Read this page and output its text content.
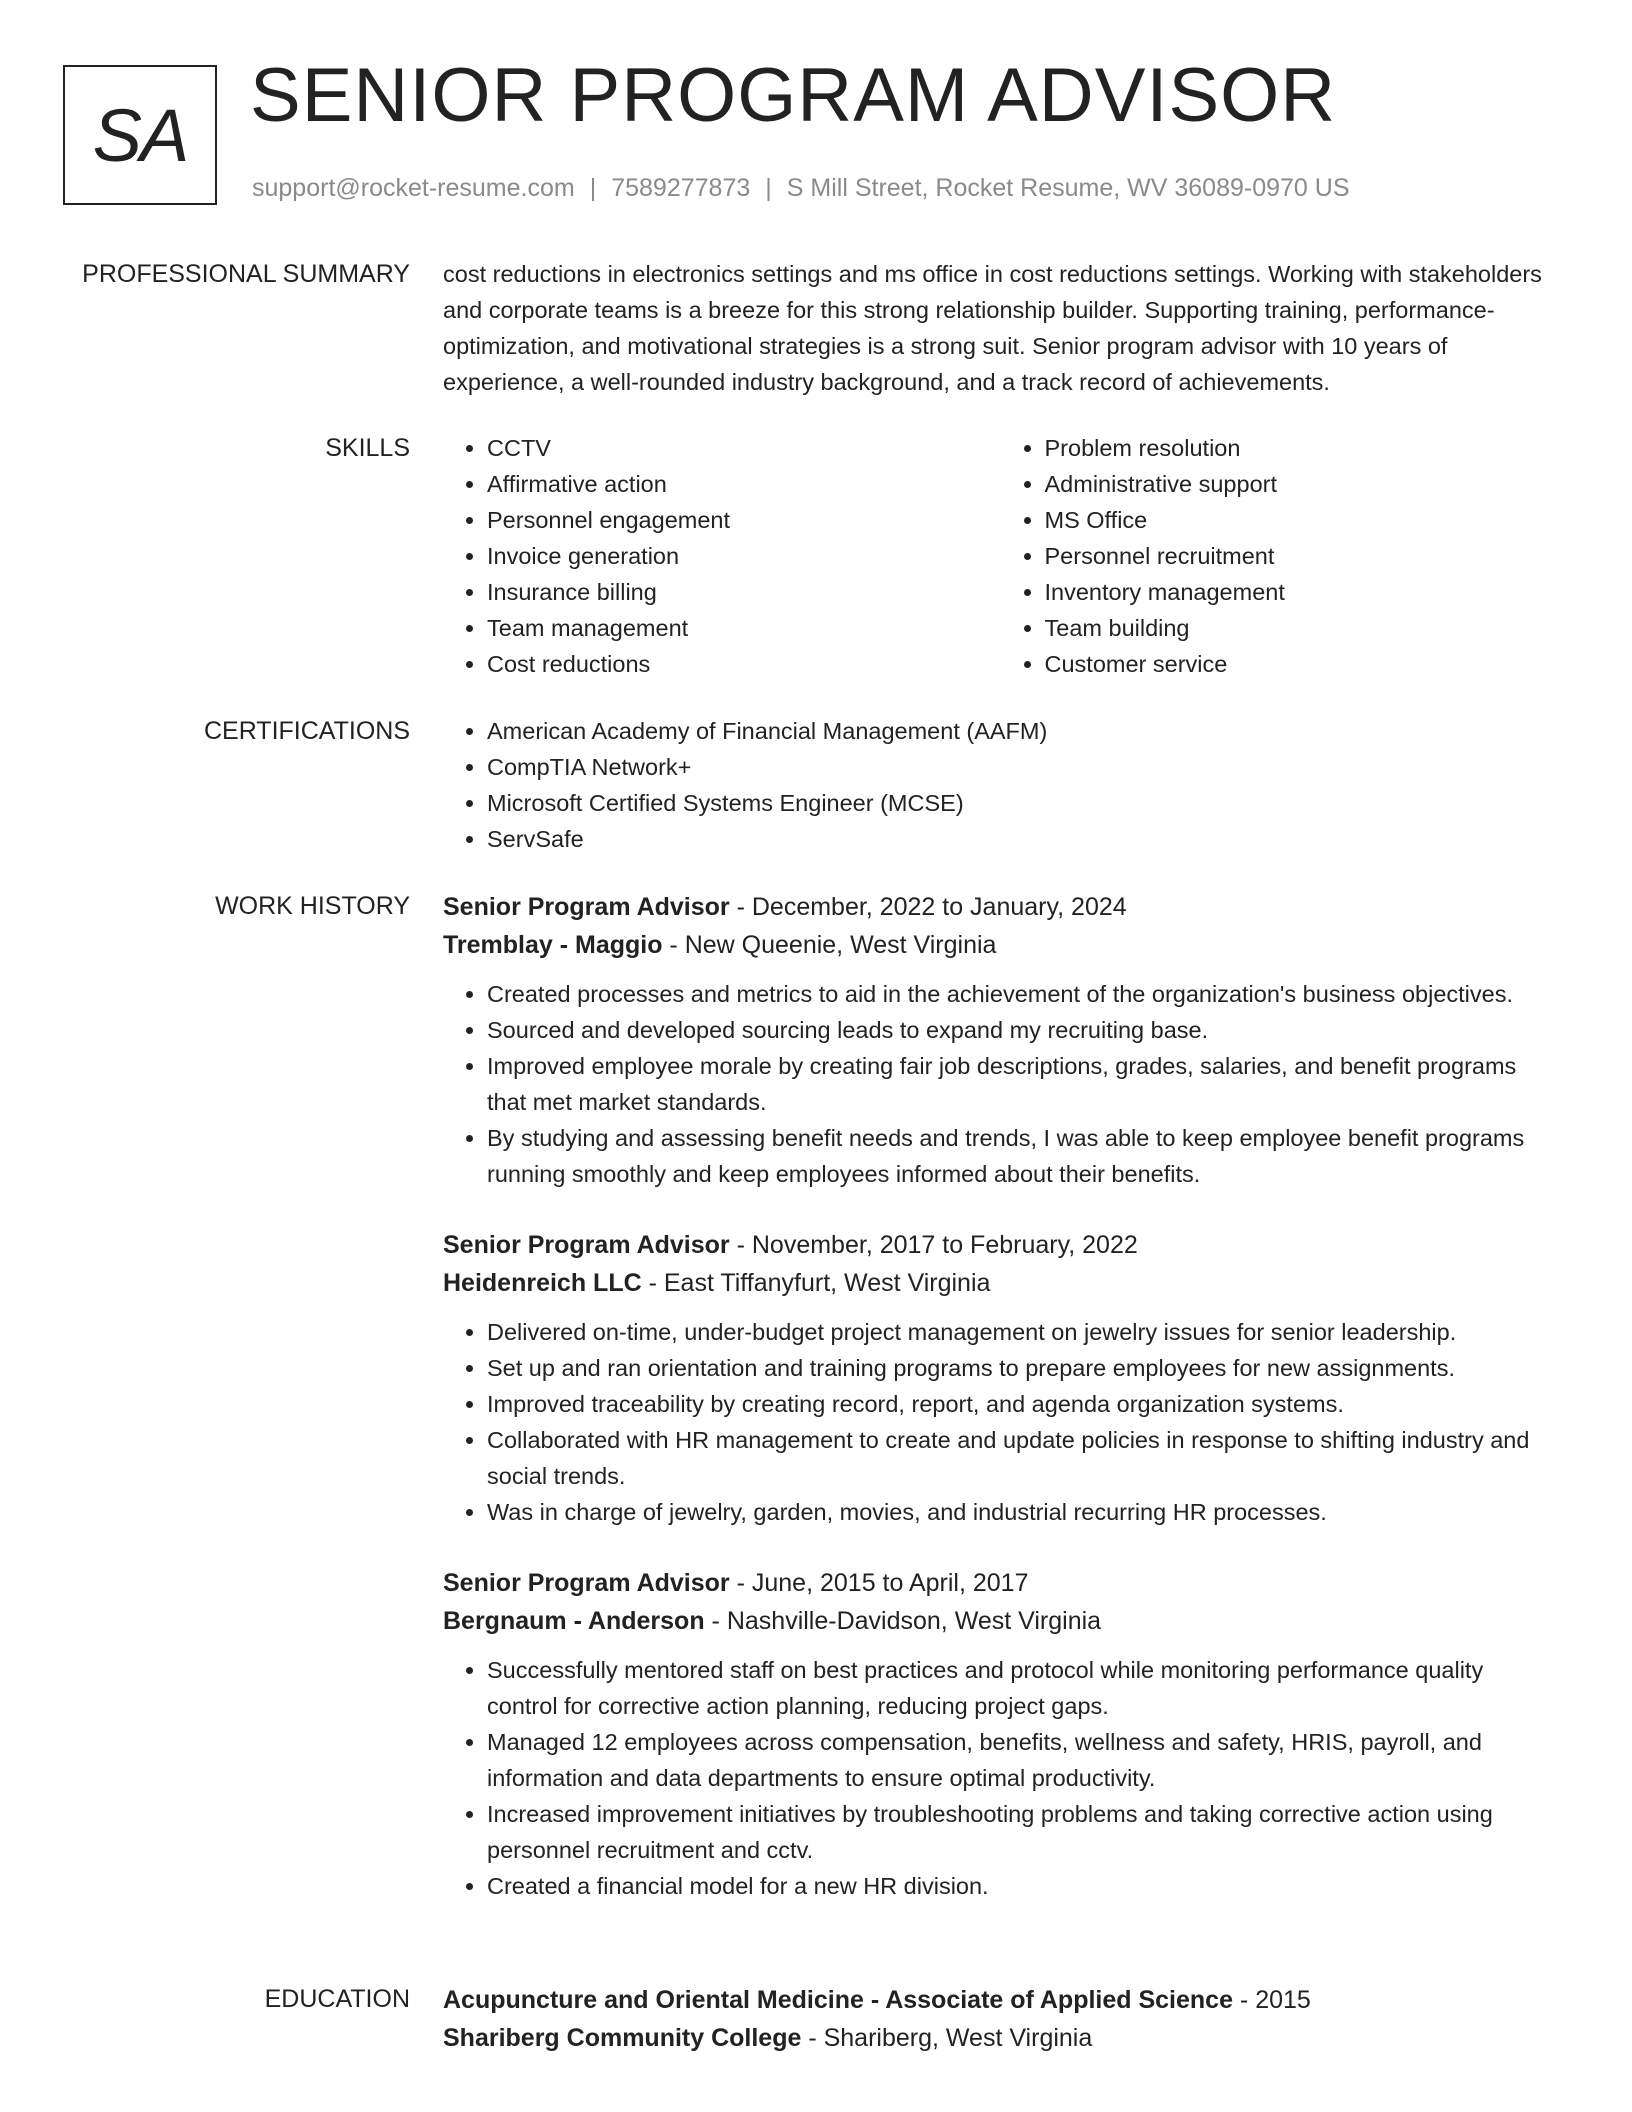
SA SENIOR PROGRAM ADVISOR
support@rocket-resume.com | 7589277873 | S Mill Street, Rocket Resume, WV 36089-0970 US
PROFESSIONAL SUMMARY cost reductions in electronics settings and ms office in cost reductions settings. Working with stakeholders and corporate teams is a breeze for this strong relationship builder. Supporting training, performance-optimization, and motivational strategies is a strong suit. Senior program advisor with 10 years of experience, a well-rounded industry background, and a track record of achievements.

SKILLS	• CCTV
• Affirmative action
• Personnel engagement
• Invoice generation
• Insurance billing
• Team management
• Cost reductions
• Problem resolution
• Administrative support
• MS Office
• Personnel recruitment
• Inventory management
• Team building
• Customer service
CERTIFICATIONS	• American Academy of Financial Management (AAFM)
• CompTIA Network+
• Microsoft Certified Systems Engineer (MCSE)
• ServSafe
WORK HISTORY Senior Program Advisor - December, 2022 to January, 2024
Tremblay - Maggio - New Queenie, West Virginia
• Created processes and metrics to aid in the achievement of the organization's business objectives.
• Sourced and developed sourcing leads to expand my recruiting base.
• Improved employee morale by creating fair job descriptions, grades, salaries, and benefit programs that met market standards.
• By studying and assessing benefit needs and trends, I was able to keep employee benefit programs running smoothly and keep employees informed about their benefits.
Senior Program Advisor - November, 2017 to February, 2022
Heidenreich LLC - East Tiffanyfurt, West Virginia
• Delivered on-time, under-budget project management on jewelry issues for senior leadership.
• Set up and ran orientation and training programs to prepare employees for new assignments.
• Improved traceability by creating record, report, and agenda organization systems.
• Collaborated with HR management to create and update policies in response to shifting industry and social trends.
• Was in charge of jewelry, garden, movies, and industrial recurring HR processes.
Senior Program Advisor - June, 2015 to April, 2017
Bergnaum - Anderson - Nashville-Davidson, West Virginia
• Successfully mentored staff on best practices and protocol while monitoring performance quality control for corrective action planning, reducing project gaps.
• Managed 12 employees across compensation, benefits, wellness and safety, HRIS, payroll, and information and data departments to ensure optimal productivity.
• Increased improvement initiatives by troubleshooting problems and taking corrective action using personnel recruitment and cctv.
• Created a financial model for a new HR division.
EDUCATION Acupuncture and Oriental Medicine - Associate of Applied Science - 2015
Shariberg Community College - Shariberg, West Virginia
